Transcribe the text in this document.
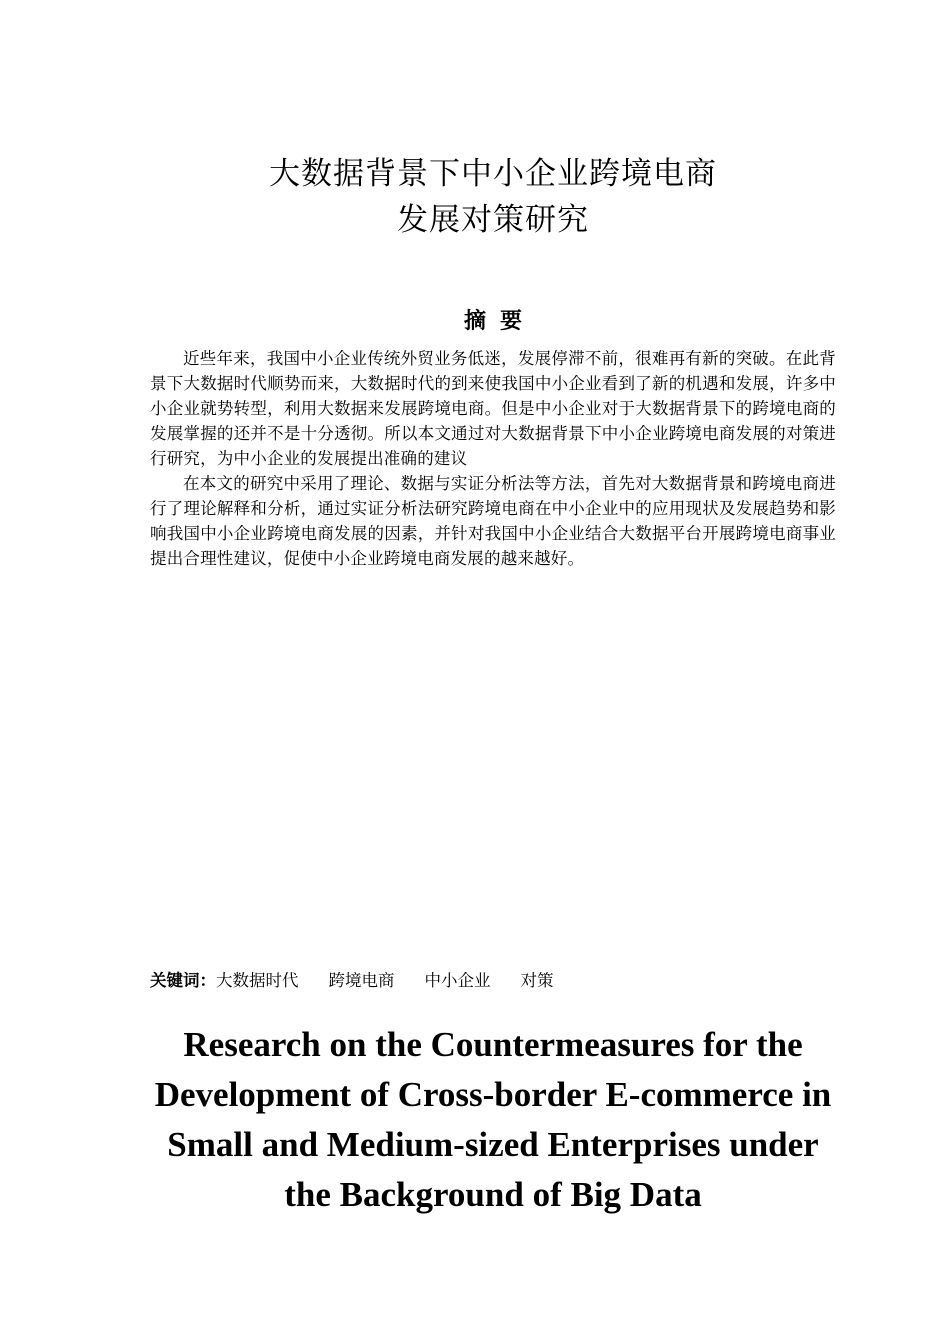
大数据背景下中小企业跨境电商
发展对策研究
摘要

近些年来，我国中小企业传统外贸业务低迷，发展停滞不前，很难再有新的突破。在此背景下大数据时代顺势而来，大数据时代的到来使我国中小企业看到了新的机遇和发展，许多中小企业就势转型，利用大数据来发展跨境电商。但是中小企业对于大数据背景下的跨境电商的发展掌握的还并不是十分透彻。所以本文通过对大数据背景下中小企业跨境电商发展的对策进行研究，为中小企业的发展提出准确的建议

在本文的研究中采用了理论、数据与实证分析法等方法，首先对大数据背景和跨境电商进行了理论解释和分析，通过实证分析法研究跨境电商在中小企业中的应用现状及发展趋势和影响我国中小企业跨境电商发展的因素，并针对我国中小企业结合大数据平台开展跨境电商事业提出合理性建议，促使中小企业跨境电商发展的越来越好。

关键词：大数据时代 跨境电商 中小企业 对策
Research on the Countermeasures for the
Development of Cross-border E-commerce in
Small and Medium-sized Enterprises under
the Background of Big Data
